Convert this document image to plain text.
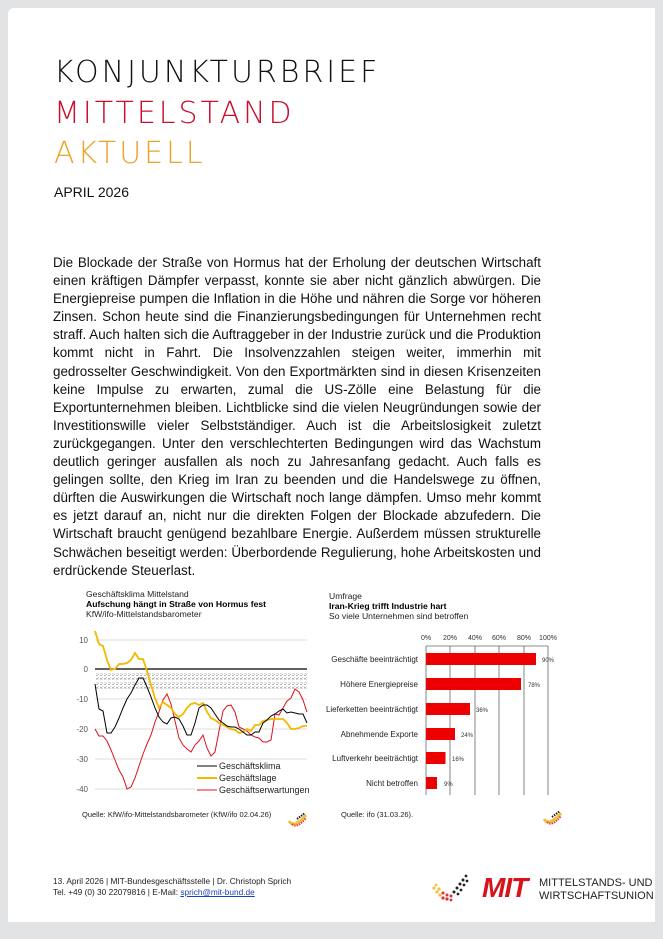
KONJUNKTURBRIEF
MITTELSTAND
AKTUELL
APRIL 2026
Die Blockade der Straße von Hormus hat der Erholung der deutschen Wirtschaft einen kräftigen Dämpfer verpasst, konnte sie aber nicht gänzlich abwürgen. Die Energiepreise pumpen die Inflation in die Höhe und nähren die Sorge vor höheren Zinsen. Schon heute sind die Finanzierungsbedingungen für Unternehmen recht straff. Auch halten sich die Auftraggeber in der Industrie zurück und die Produktion kommt nicht in Fahrt. Die Insolvenzzahlen steigen weiter, immerhin mit gedrosselter Geschwindigkeit. Von den Exportmärkten sind in diesen Krisenzeiten keine Impulse zu erwarten, zumal die US-Zölle eine Belastung für die Exportunternehmen bleiben. Lichtblicke sind die vielen Neugründungen sowie der Investitionswille vieler Selbstständiger. Auch ist die Arbeitslosigkeit zuletzt zurückgegangen. Unter den verschlechterten Bedingungen wird das Wachstum deutlich geringer ausfallen als noch zu Jahresanfang gedacht. Auch falls es gelingen sollte, den Krieg im Iran zu beenden und die Handelswege zu öffnen, dürften die Auswirkungen die Wirtschaft noch lange dämpfen. Umso mehr kommt es jetzt darauf an, nicht nur die direkten Folgen der Blockade abzufedern. Die Wirtschaft braucht genügend bezahlbare Energie. Außerdem müssen strukturelle Schwächen beseitigt werden: Überbordende Regulierung, hohe Arbeitskosten und erdrückende Steuerlast.
Geschäftsklima Mittelstand
Aufschung hängt in Straße von Hormus fest
KfW/ifo-Mittelstandsbarometer
10
0
-10
-20
-30
-40
Geschäftsklima
Geschäftslage
Geschäftserwartungen
Quelle: KfW/ifo-Mittelstandsbarometer (KfW/ifo 02.04.26)
Umfrage
Iran-Krieg trifft Industrie hart
So viele Unternehmen sind betroffen
0% 20% 40% 60% 80% 100%
Geschäfte beeinträchtigt
Höhere Energiepreise
Lieferketten beeinträchtigt
Abnehmende Exporte
Luftverkehr beeiträchtigt
Nicht betroffen
90%
78%
36%
24%
16%
9%
Quelle: ifo (31.03.26).
13. April 2026 | MIT-Bundesgeschäftsstelle | Dr. Christoph Sprich
Tel. +49 (0) 30 22079816 | E-Mail: sprich@mit-bund.de	MIT MITTELSTANDS- UND
WIRTSCHAFTSUNION
